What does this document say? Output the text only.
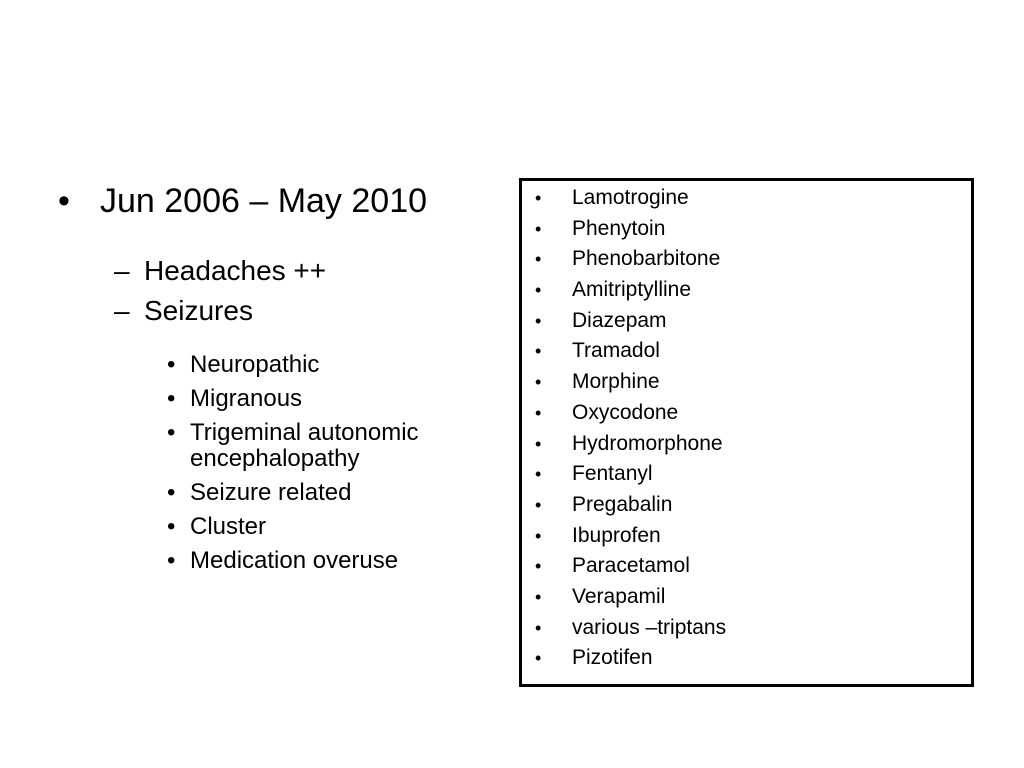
• Jun 2006 – May 2010
– Headaches ++
– Seizures
• Neuropathic
• Migranous
• Trigeminal autonomic encephalopathy
• Seizure related
• Cluster
• Medication overuse
• Lamotrogine
• Phenytoin
• Phenobarbitone
• Amitriptylline
• Diazepam
• Tramadol
• Morphine
• Oxycodone
• Hydromorphone
• Fentanyl
• Pregabalin
• Ibuprofen
• Paracetamol
• Verapamil
• various –triptans
• Pizotifen
